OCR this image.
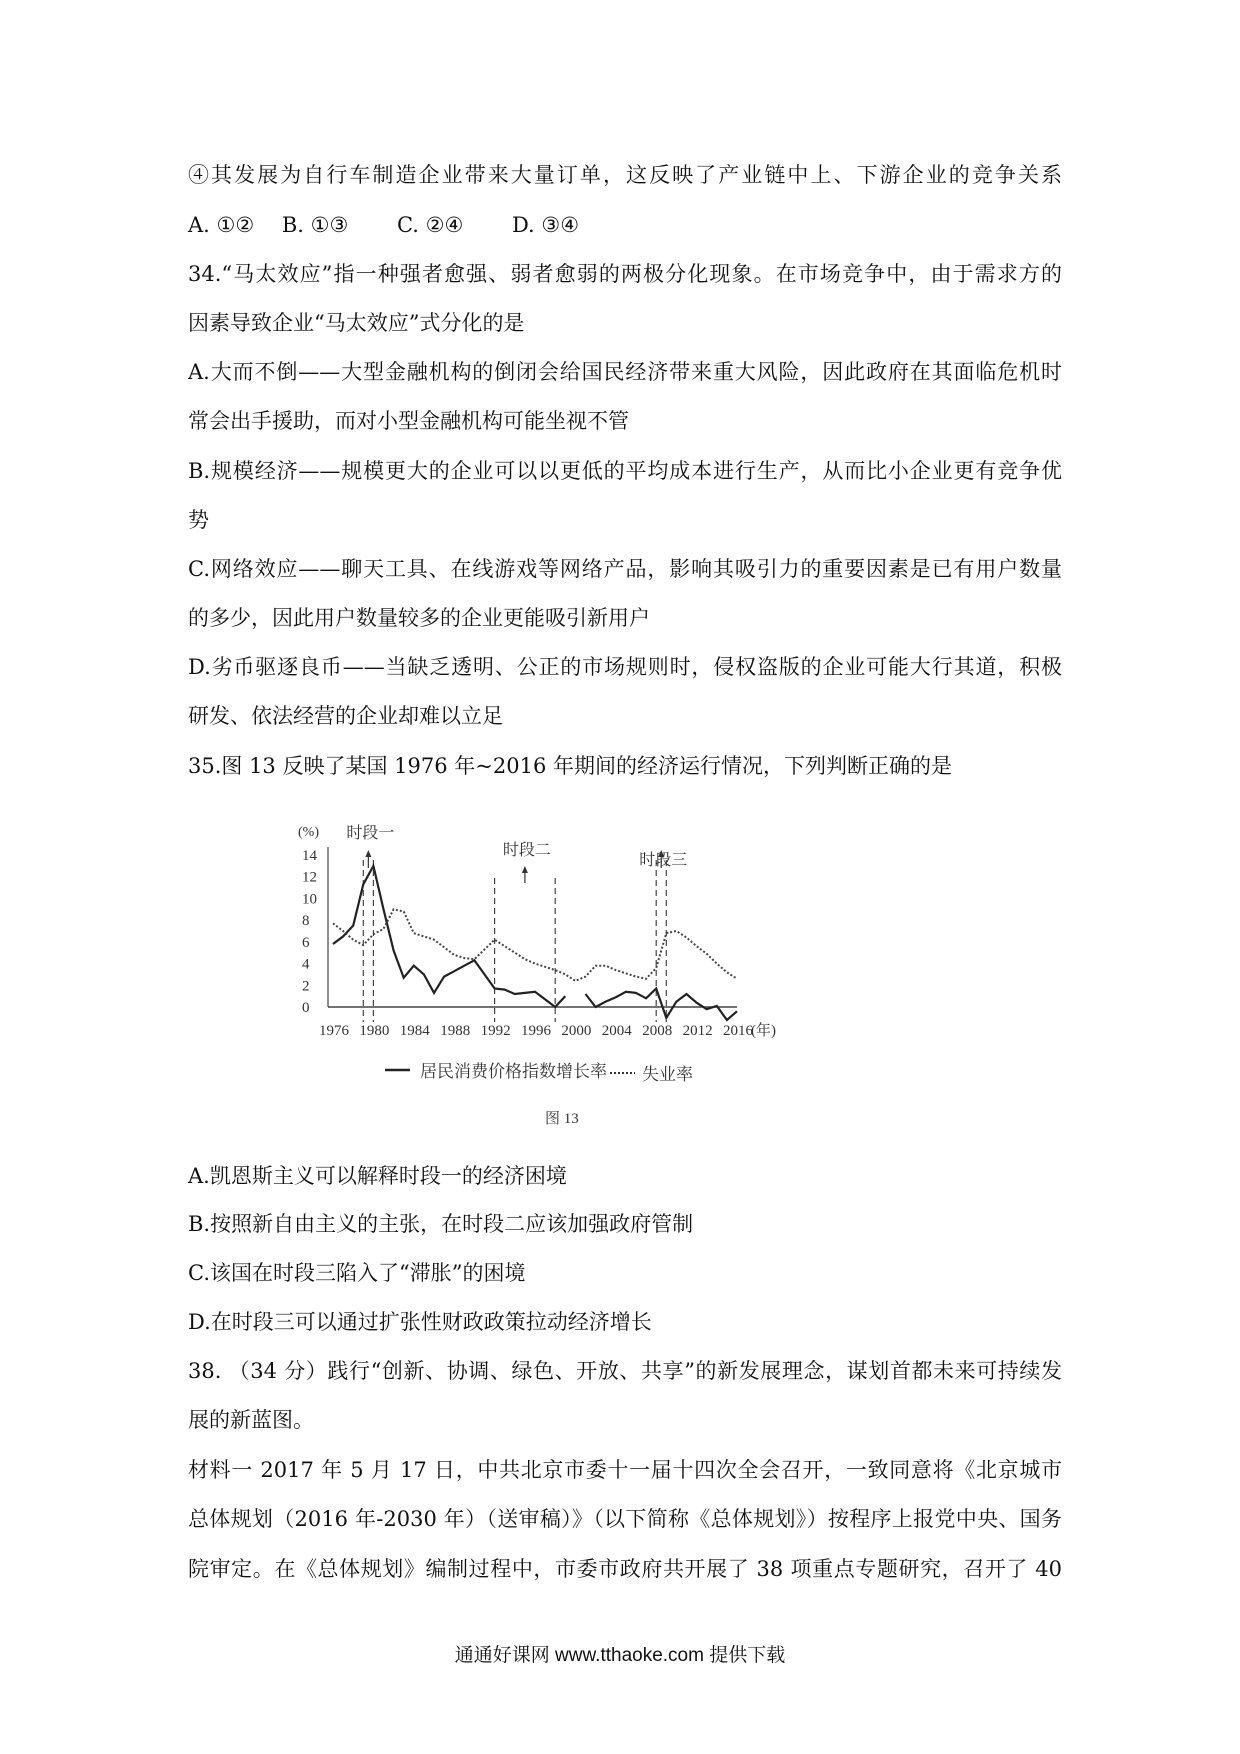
④其发展为自行车制造企业带来大量订单，这反映了产业链中上、下游企业的竞争关系
A. ①②　 B. ①③　　 C. ②④　　 D. ③④
34.“马太效应”指一种强者愈强、弱者愈弱的两极分化现象。在市场竞争中，由于需求方的
因素导致企业“马太效应”式分化的是
A.大而不倒——大型金融机构的倒闭会给国民经济带来重大风险，因此政府在其面临危机时
常会出手援助，而对小型金融机构可能坐视不管
B.规模经济——规模更大的企业可以以更低的平均成本进行生产，从而比小企业更有竞争优
势
C.网络效应——聊天工具、在线游戏等网络产品，影响其吸引力的重要因素是已有用户数量
的多少，因此用户数量较多的企业更能吸引新用户
D.劣币驱逐良币——当缺乏透明、公正的市场规则时，侵权盗版的企业可能大行其道，积极
研发、依法经营的企业却难以立足
35.图 13 反映了某国 1976 年~2016 年期间的经济运行情况，下列判断正确的是
(%)
0
2
4
6
8
10
12
14
1976 1980 1984 1988 1992 1996 2000 2004 2008 2012 2016
(年)
时段一
时段二
时段三
居民消费价格指数增长率 失业率
图 13
A.凯恩斯主义可以解释时段一的经济困境
B.按照新自由主义的主张，在时段二应该加强政府管制
C.该国在时段三陷入了“滞胀”的困境
D.在时段三可以通过扩张性财政政策拉动经济增长
38. （34 分）践行“创新、协调、绿色、开放、共享”的新发展理念，谋划首都未来可持续发
展的新蓝图。
材料一 2017 年 5 月 17 日，中共北京市委十一届十四次全会召开，一致同意将《北京城市
总体规划（2016 年-2030 年）（送审稿）》（以下简称《总体规划》）按程序上报党中央、国务
院审定。在《总体规划》编制过程中，市委市政府共开展了 38 项重点专题研究，召开了 40
通通好课网 www.tthaoke.com 提供下载
